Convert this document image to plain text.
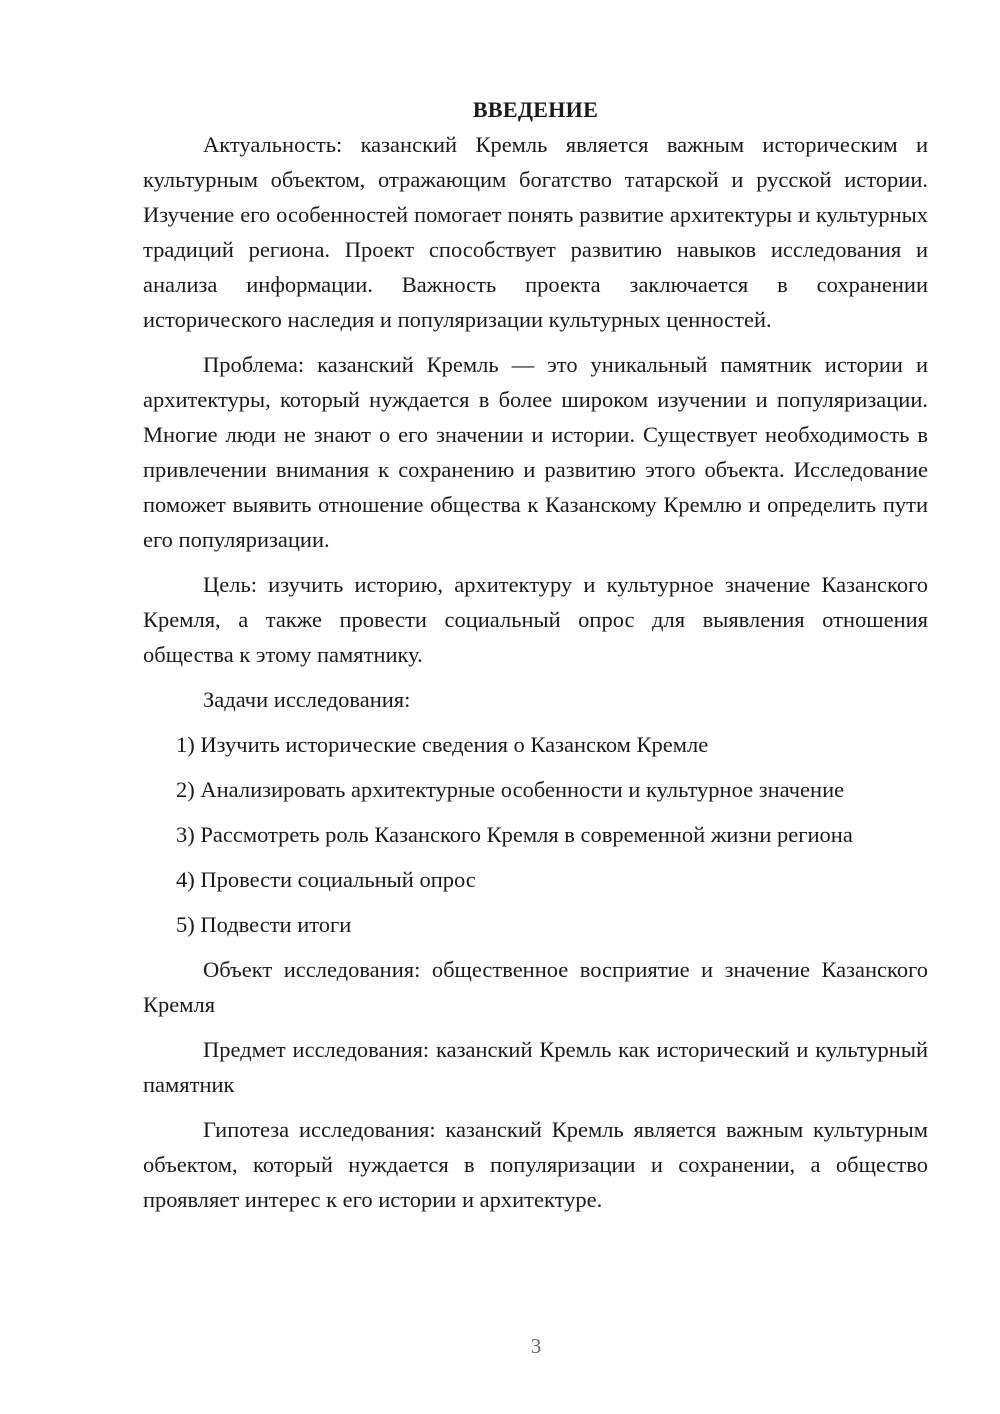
ВВЕДЕНИЕ

Актуальность: казанский Кремль является важным историческим и культурным объектом, отражающим богатство татарской и русской истории. Изучение его особенностей помогает понять развитие архитектуры и культурных традиций региона. Проект способствует развитию навыков исследования и анализа информации. Важность проекта заключается в сохранении исторического наследия и популяризации культурных ценностей.

Проблема: казанский Кремль — это уникальный памятник истории и архитектуры, который нуждается в более широком изучении и популяризации. Многие люди не знают о его значении и истории. Существует необходимость в привлечении внимания к сохранению и развитию этого объекта. Исследование поможет выявить отношение общества к Казанскому Кремлю и определить пути его популяризации.

Цель: изучить историю, архитектуру и культурное значение Казанского Кремля, а также провести социальный опрос для выявления отношения общества к этому памятнику.

Задачи исследования:

1) Изучить исторические сведения о Казанском Кремле
2) Анализировать архитектурные особенности и культурное значение
3) Рассмотреть роль Казанского Кремля в современной жизни региона
4) Провести социальный опрос
5) Подвести итоги

Объект исследования: общественное восприятие и значение Казанского Кремля

Предмет исследования: казанский Кремль как исторический и культурный памятник

Гипотеза исследования: казанский Кремль является важным культурным объектом, который нуждается в популяризации и сохранении, а общество проявляет интерес к его истории и архитектуре.

3
